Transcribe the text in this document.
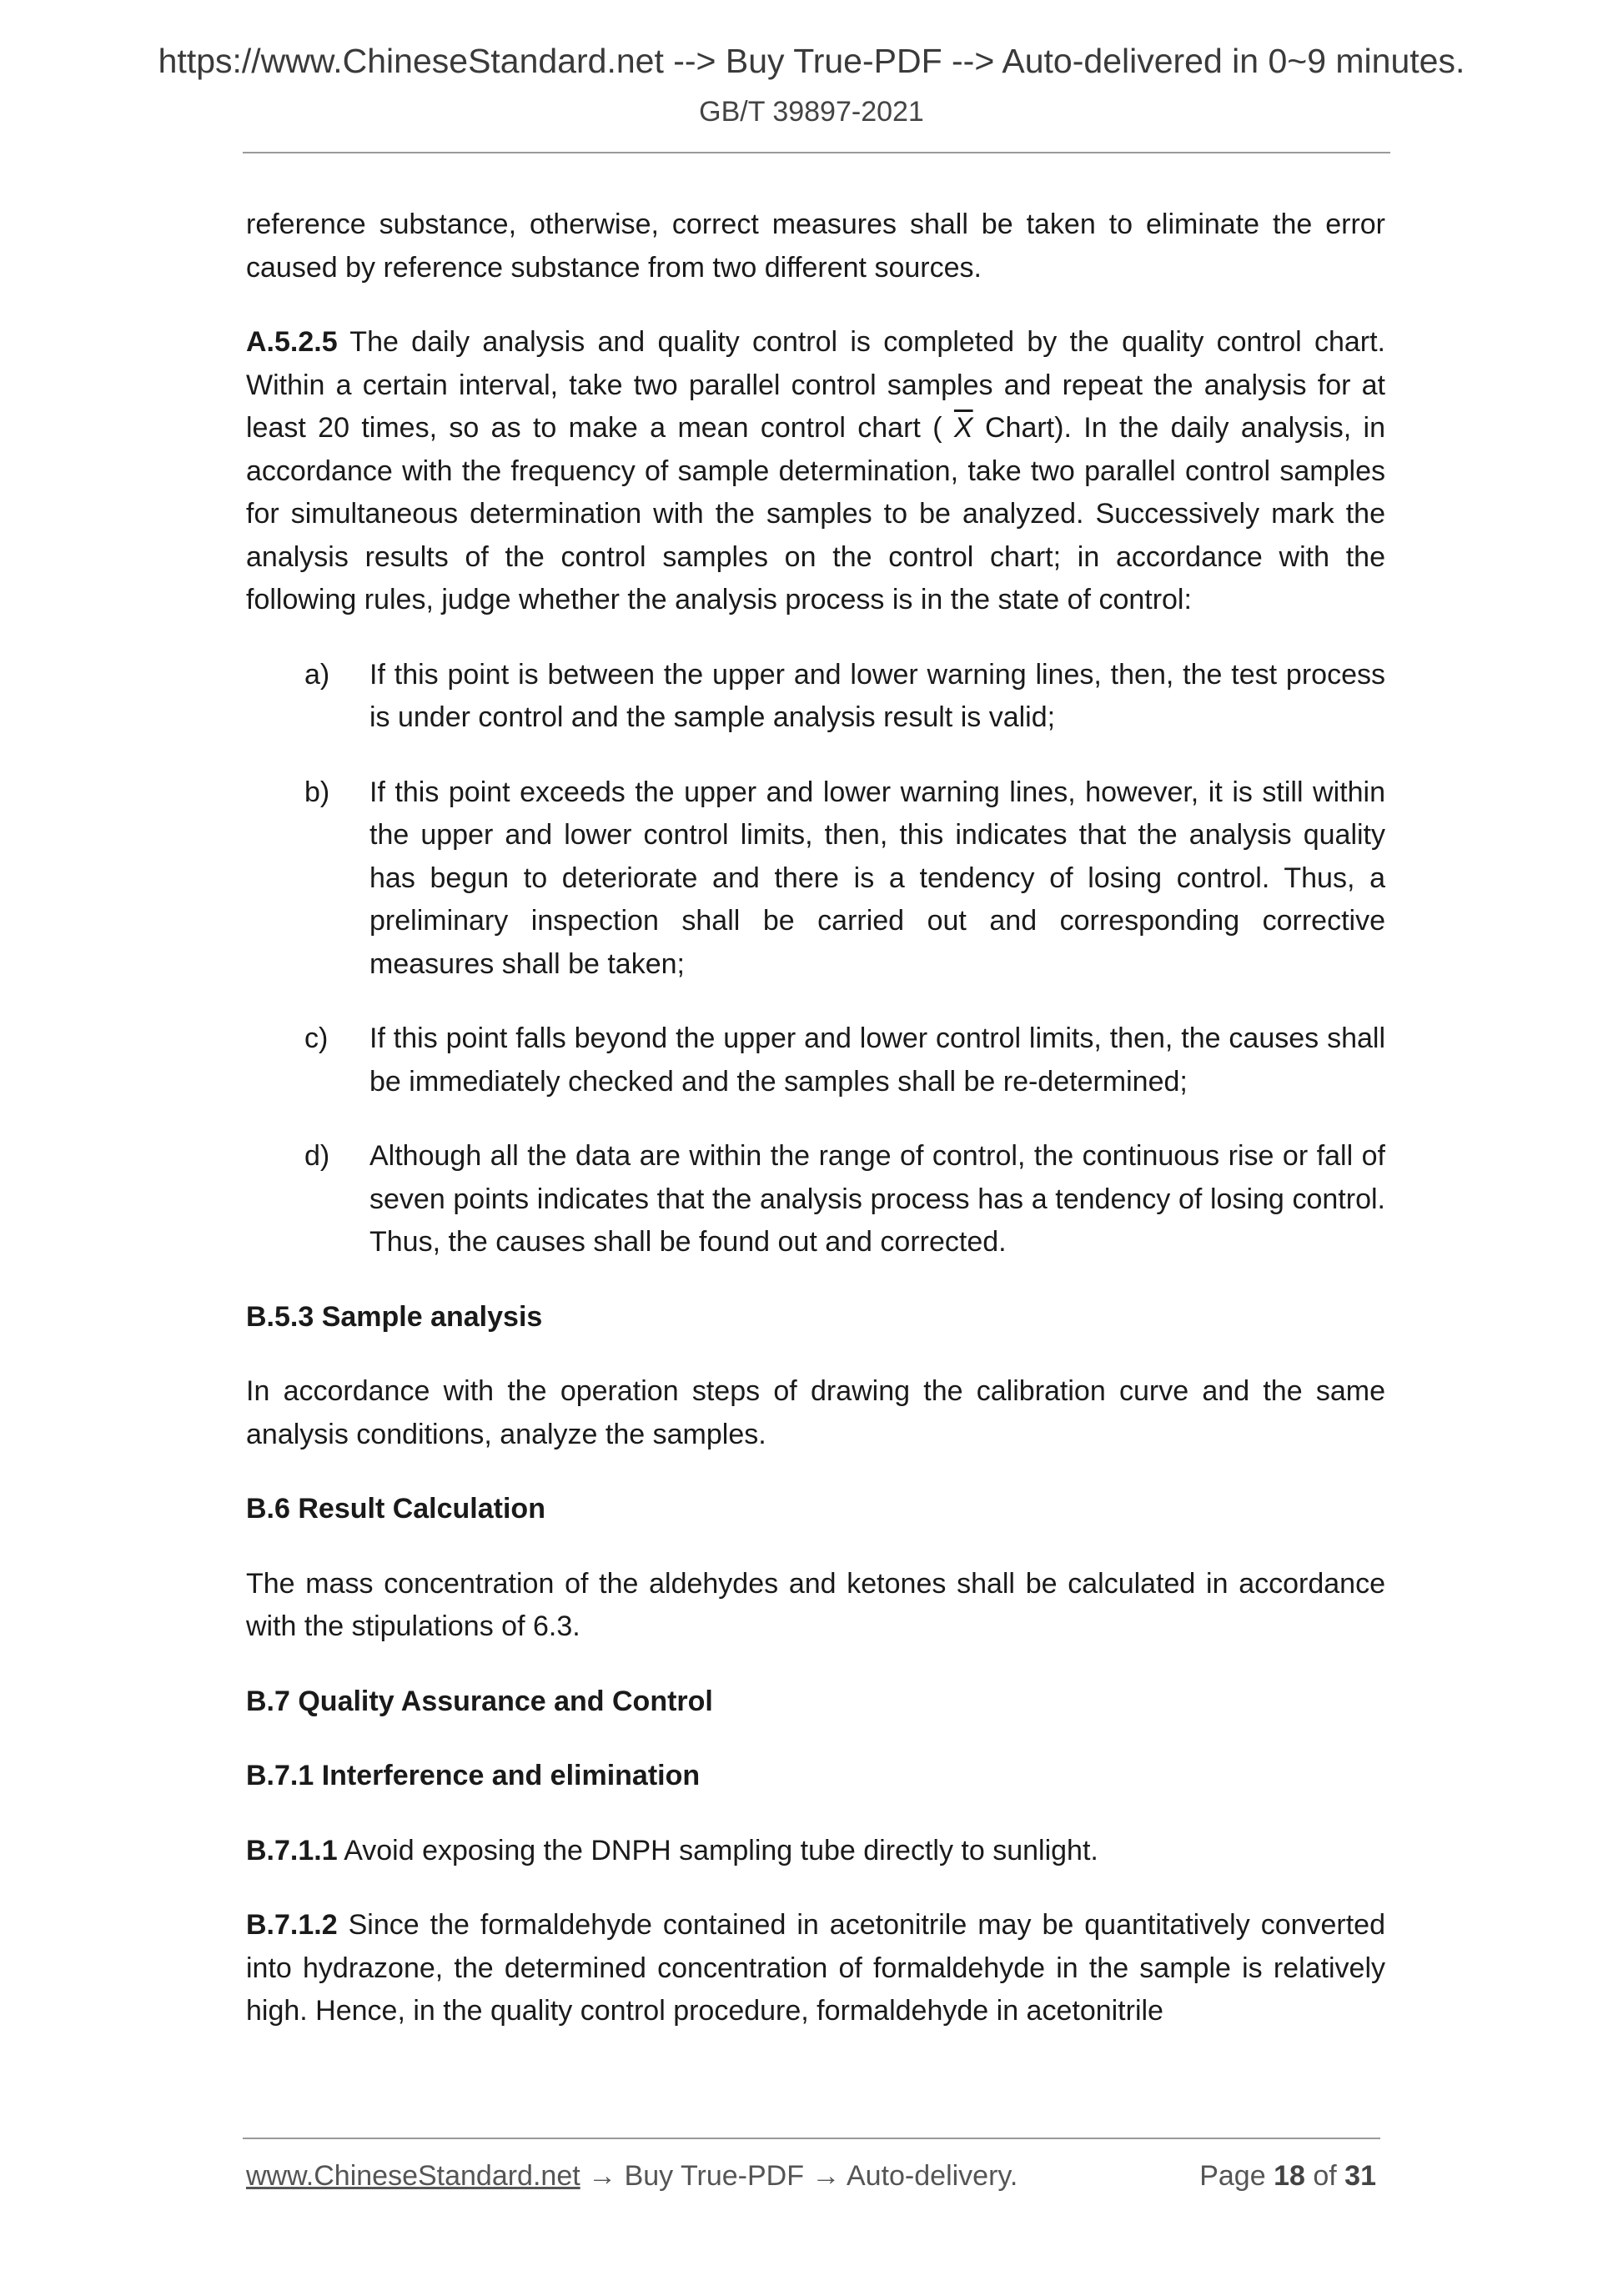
https://www.ChineseStandard.net --> Buy True-PDF --> Auto-delivered in 0~9 minutes.
GB/T 39897-2021

reference substance, otherwise, correct measures shall be taken to eliminate the error caused by reference substance from two different sources.

A.5.2.5 The daily analysis and quality control is completed by the quality control chart. Within a certain interval, take two parallel control samples and repeat the analysis for at least 20 times, so as to make a mean control chart ( $\overline{X}$ Chart). In the daily analysis, in accordance with the frequency of sample determination, take two parallel control samples for simultaneous determination with the samples to be analyzed. Successively mark the analysis results of the control samples on the control chart; in accordance with the following rules, judge whether the analysis process is in the state of control:

a)	If this point is between the upper and lower warning lines, then, the test process is under control and the sample analysis result is valid;
b)	If this point exceeds the upper and lower warning lines, however, it is still within the upper and lower control limits, then, this indicates that the analysis quality has begun to deteriorate and there is a tendency of losing control. Thus, a preliminary inspection shall be carried out and corresponding corrective measures shall be taken;
c)	If this point falls beyond the upper and lower control limits, then, the causes shall be immediately checked and the samples shall be re-determined;
d)	Although all the data are within the range of control, the continuous rise or fall of seven points indicates that the analysis process has a tendency of losing control. Thus, the causes shall be found out and corrected.
B.5.3 Sample analysis

In accordance with the operation steps of drawing the calibration curve and the same analysis conditions, analyze the samples.

B.6 Result Calculation

The mass concentration of the aldehydes and ketones shall be calculated in accordance with the stipulations of 6.3.

B.7 Quality Assurance and Control
B.7.1 Interference and elimination

B.7.1.1 Avoid exposing the DNPH sampling tube directly to sunlight.

B.7.1.2 Since the formaldehyde contained in acetonitrile may be quantitatively converted into hydrazone, the determined concentration of formaldehyde in the sample is relatively high. Hence, in the quality control procedure, formaldehyde in acetonitrile

www.ChineseStandard.net → Buy True-PDF → Auto-delivery.	Page 18 of 31
